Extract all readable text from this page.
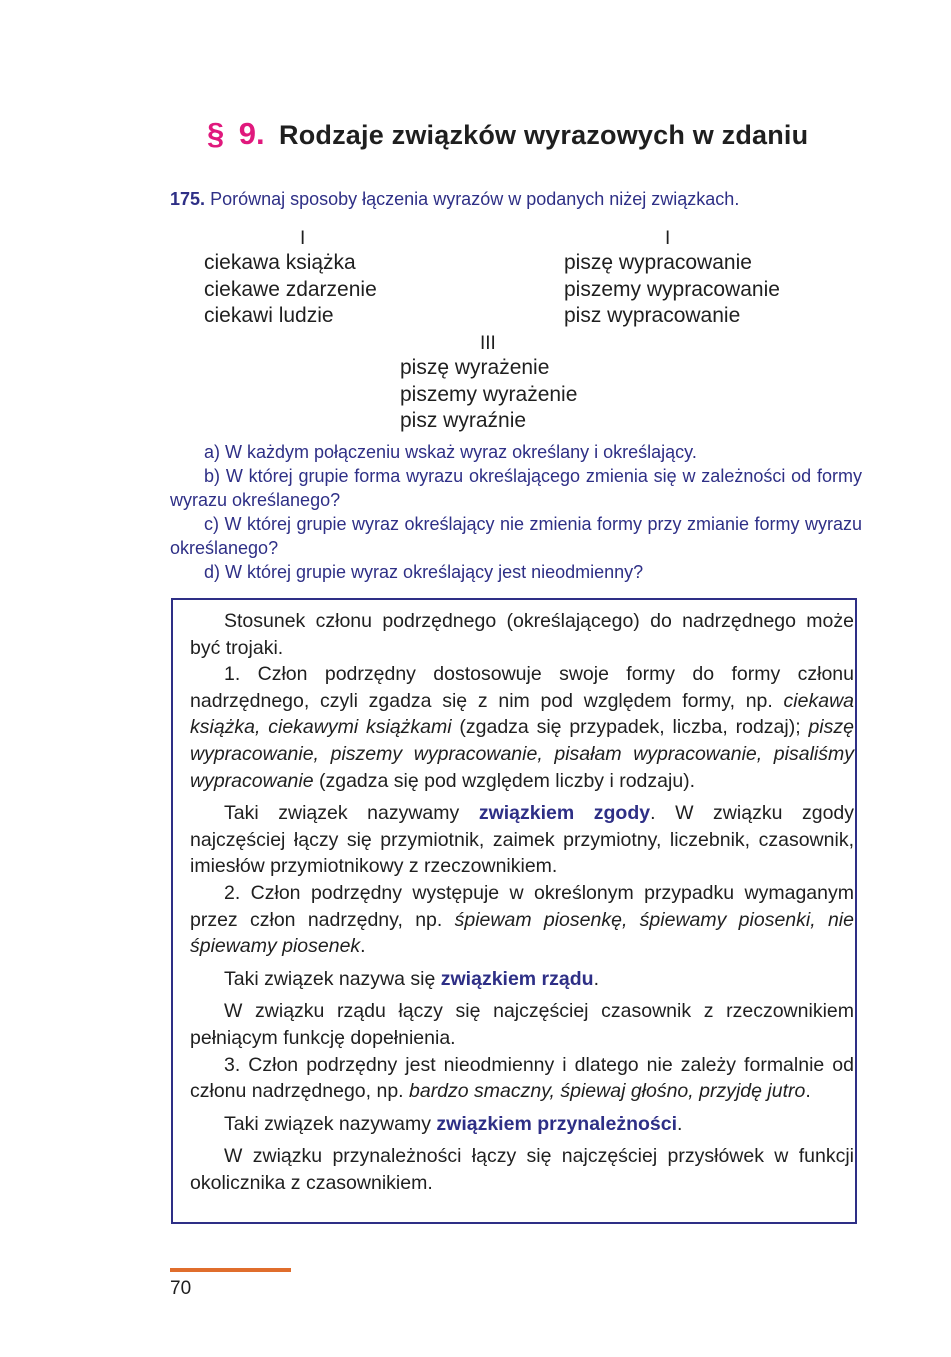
§ 9. Rodzaje związków wyrazowych w zdaniu
175. Porównaj sposoby łączenia wyrazów w podanych niżej związkach.
I	I
III
ciekawa książka
ciekawe zdarzenie
ciekawi ludzie
piszę wypracowanie
piszemy wypracowanie
pisz wypracowanie
piszę wyrażenie
piszemy wyrażenie
pisz wyraźnie

a) W każdym połączeniu wskaż wyraz określany i określający.

b) W której grupie forma wyrazu określającego zmienia się w zależności od formy wyrazu określanego?

c) W której grupie wyraz określający nie zmienia formy przy zmianie formy wyrazu określanego?

d) W której grupie wyraz określający jest nieodmienny?

Stosunek członu podrzędnego (określającego) do nadrzędnego może być trojaki.

1. Człon podrzędny dostosowuje swoje formy do formy członu nadrzędnego, czyli zgadza się z nim pod względem formy, np. ciekawa książka, ciekawymi książkami (zgadza się przypadek, liczba, rodzaj); piszę wypracowanie, piszemy wypracowanie, pisałam wypracowanie, pisaliśmy wypracowanie (zgadza się pod względem liczby i rodzaju).

Taki związek nazywamy związkiem zgody. W związku zgody najczęściej łączy się przymiotnik, zaimek przymiotny, liczebnik, czasownik, imiesłów przymiotnikowy z rzeczownikiem.

2. Człon podrzędny występuje w określonym przypadku wymaganym przez człon nadrzędny, np. śpiewam piosenkę, śpiewamy piosenki, nie śpiewamy piosenek.

Taki związek nazywa się związkiem rządu.

W związku rządu łączy się najczęściej czasownik z rzeczownikiem pełniącym funkcję dopełnienia.

3. Człon podrzędny jest nieodmienny i dlatego nie zależy formalnie od członu nadrzędnego, np. bardzo smaczny, śpiewaj głośno, przyjdę jutro.

Taki związek nazywamy związkiem przynależności.

W związku przynależności łączy się najczęściej przysłówek w funkcji okolicznika z czasownikiem.

70
